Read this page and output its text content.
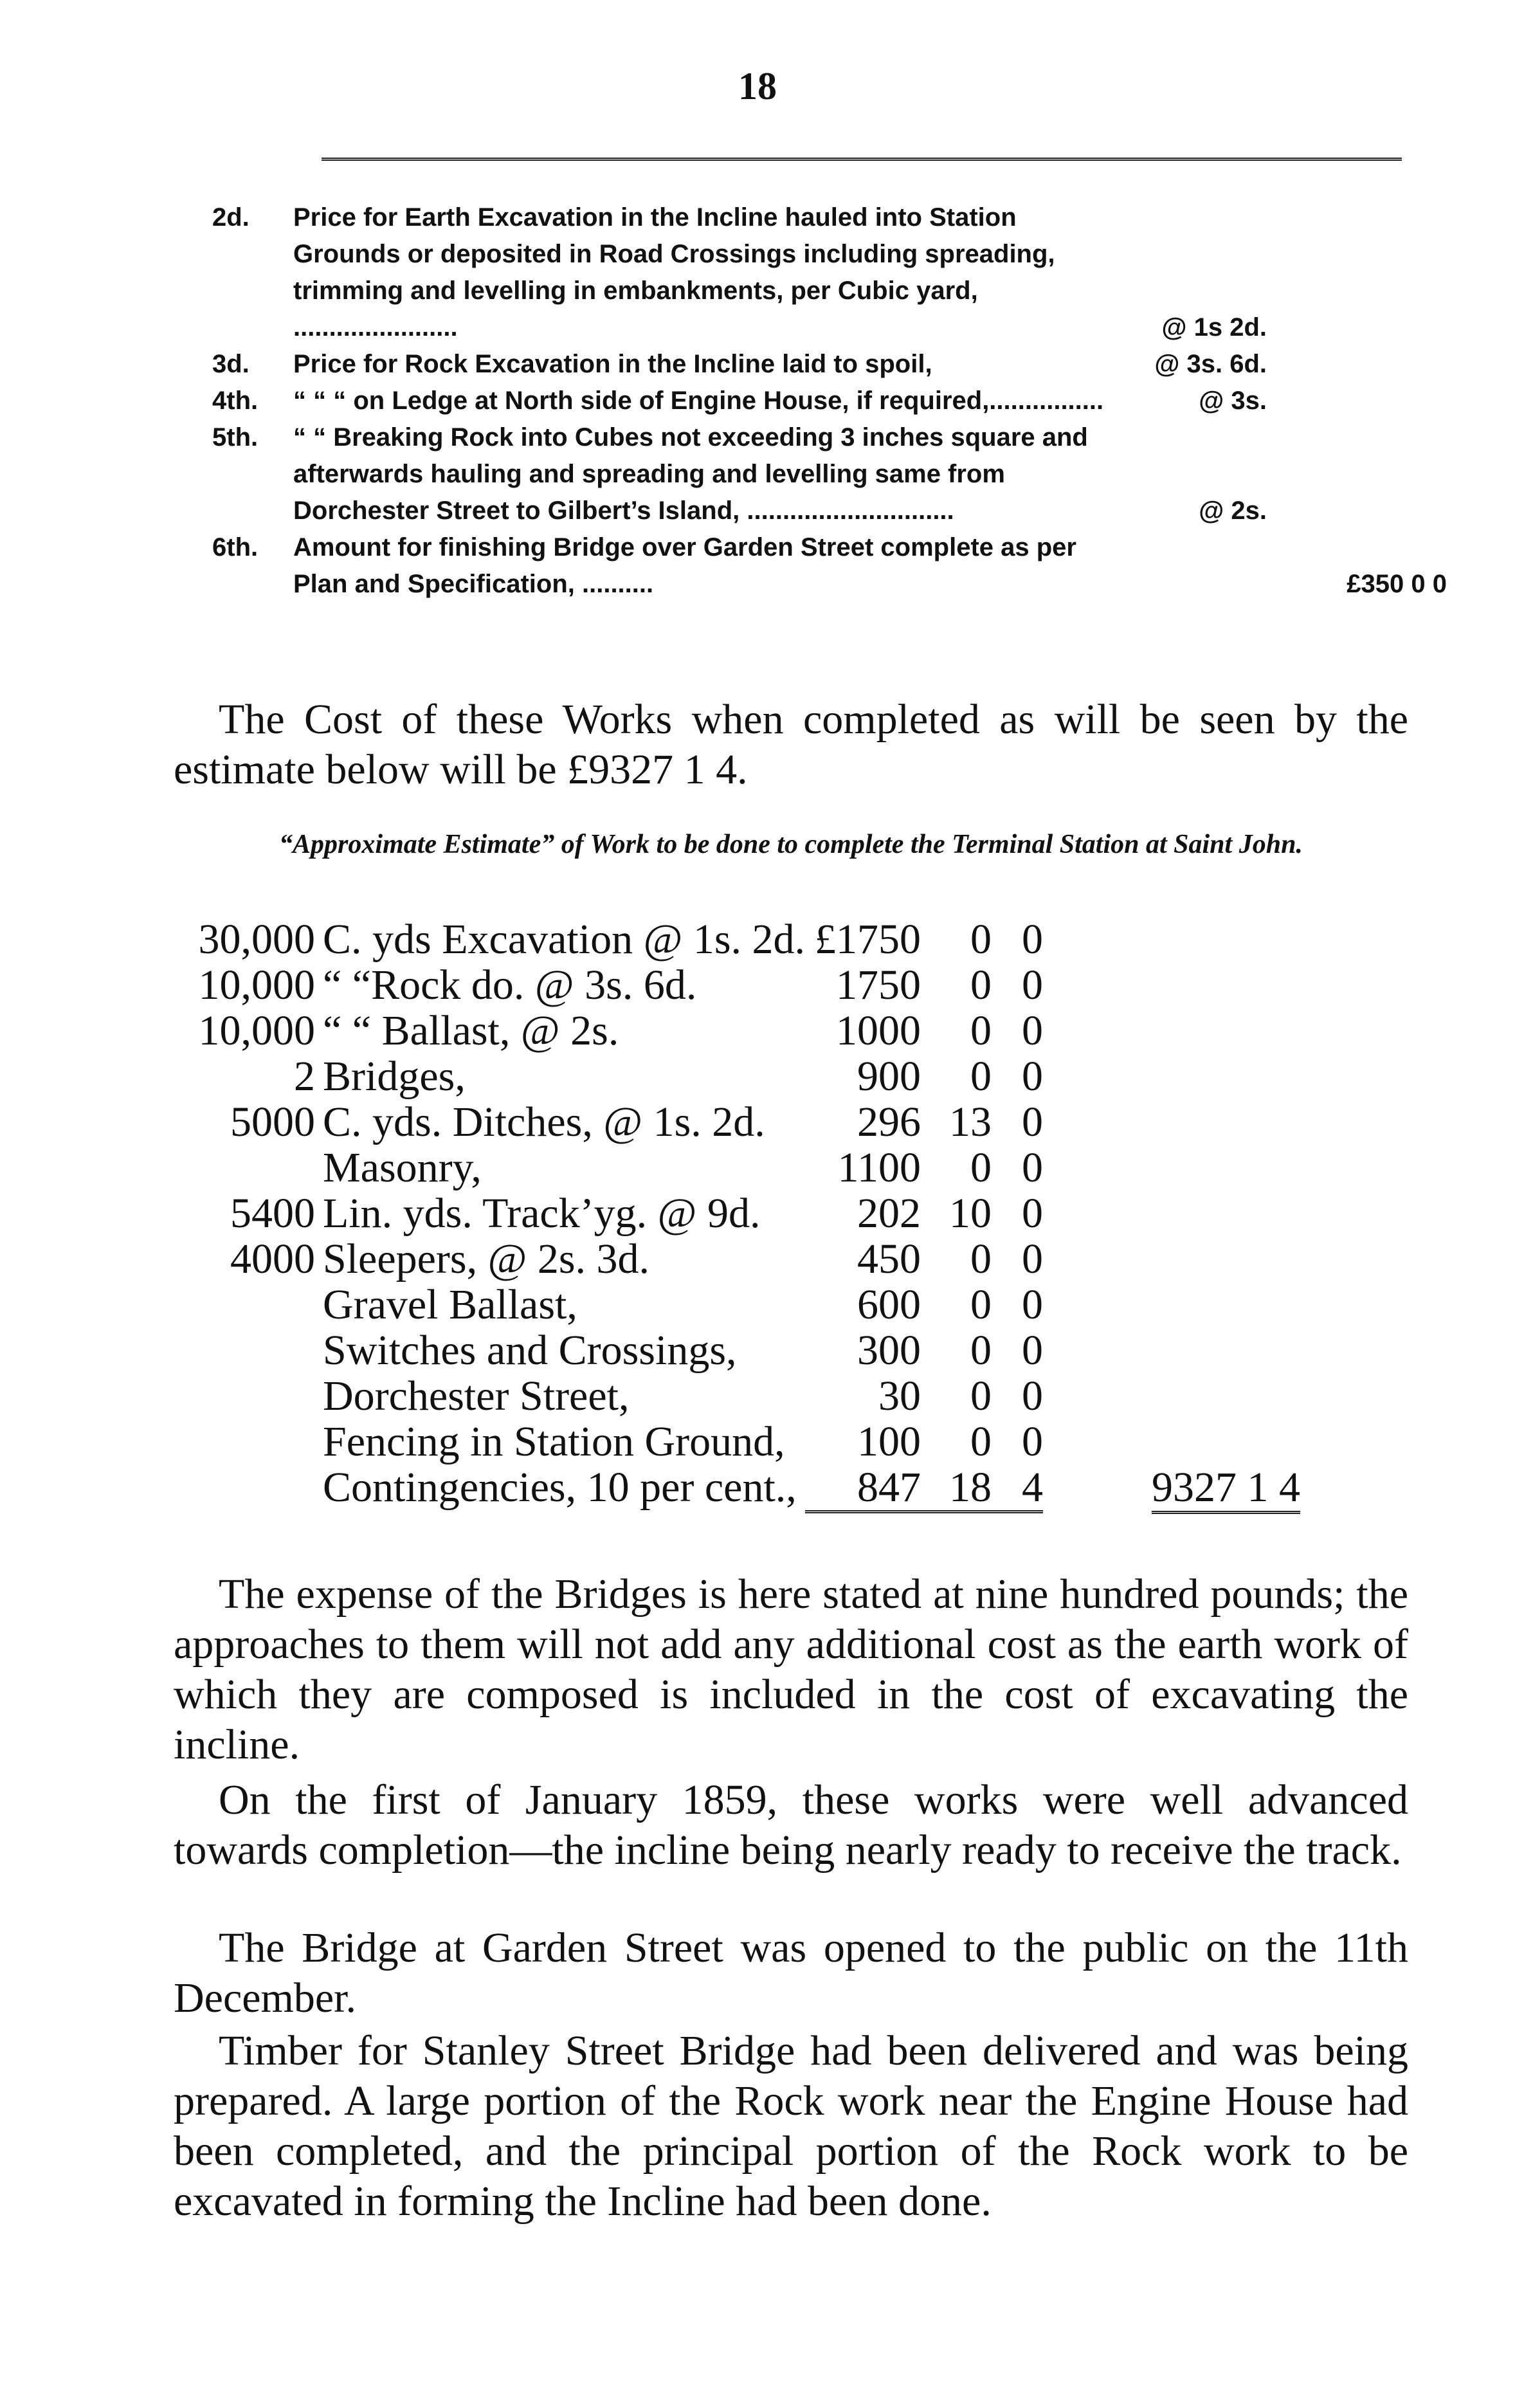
18
2d. Price for Earth Excavation in the Incline hauled into Station Grounds or deposited in Road Crossings including spreading, trimming and levelling in embankments, per Cubic yard, .......................	@ 1s 2d.
3d. Price for Rock Excavation in the Incline laid to spoil,	@ 3s. 6d.
4th. “ “ “ on Ledge at North side of Engine House, if required,................	@ 3s.
5th. “ “ Breaking Rock into Cubes not exceeding 3 inches square and afterwards hauling and spreading and levelling same from Dorchester Street to Gilbert’s Island, .............................	@ 2s.
6th. Amount for finishing Bridge over Garden Street complete as per Plan and Specification, ..........	£350 0 0
The Cost of these Works when completed as will be seen by the estimate below will be £9327 1 4.
“Approximate Estimate” of Work to be done to complete the Terminal Station at Saint John.
30,000	C. yds Excavation @ 1s. 2d.	£1750	0	0	
10,000	“ “Rock do. @ 3s. 6d.	1750	0	0	
10,000	“ “ Ballast, @ 2s.	1000	0	0	
2	Bridges,	900	0	0	
5000	C. yds. Ditches, @ 1s. 2d.	296	13	0	
	Masonry,	1100	0	0	
5400	Lin. yds. Track’yg. @ 9d.	202	10	0	
4000	Sleepers, @ 2s. 3d.	450	0	0	
	Gravel Ballast,	600	0	0	
	Switches and Crossings,	300	0	0	
	Dorchester Street,	30	0	0	
	Fencing in Station Ground,	100	0	0	
	Contingencies, 10 per cent.,	847	18	4	9327 1 4
The expense of the Bridges is here stated at nine hundred pounds; the approaches to them will not add any additional cost as the earth work of which they are composed is included in the cost of excavating the incline.
On the first of January 1859, these works were well advanced towards completion—the incline being nearly ready to receive the track.
The Bridge at Garden Street was opened to the public on the 11th December.
Timber for Stanley Street Bridge had been delivered and was being prepared. A large portion of the Rock work near the Engine House had been completed, and the principal portion of the Rock work to be excavated in forming the Incline had been done.
